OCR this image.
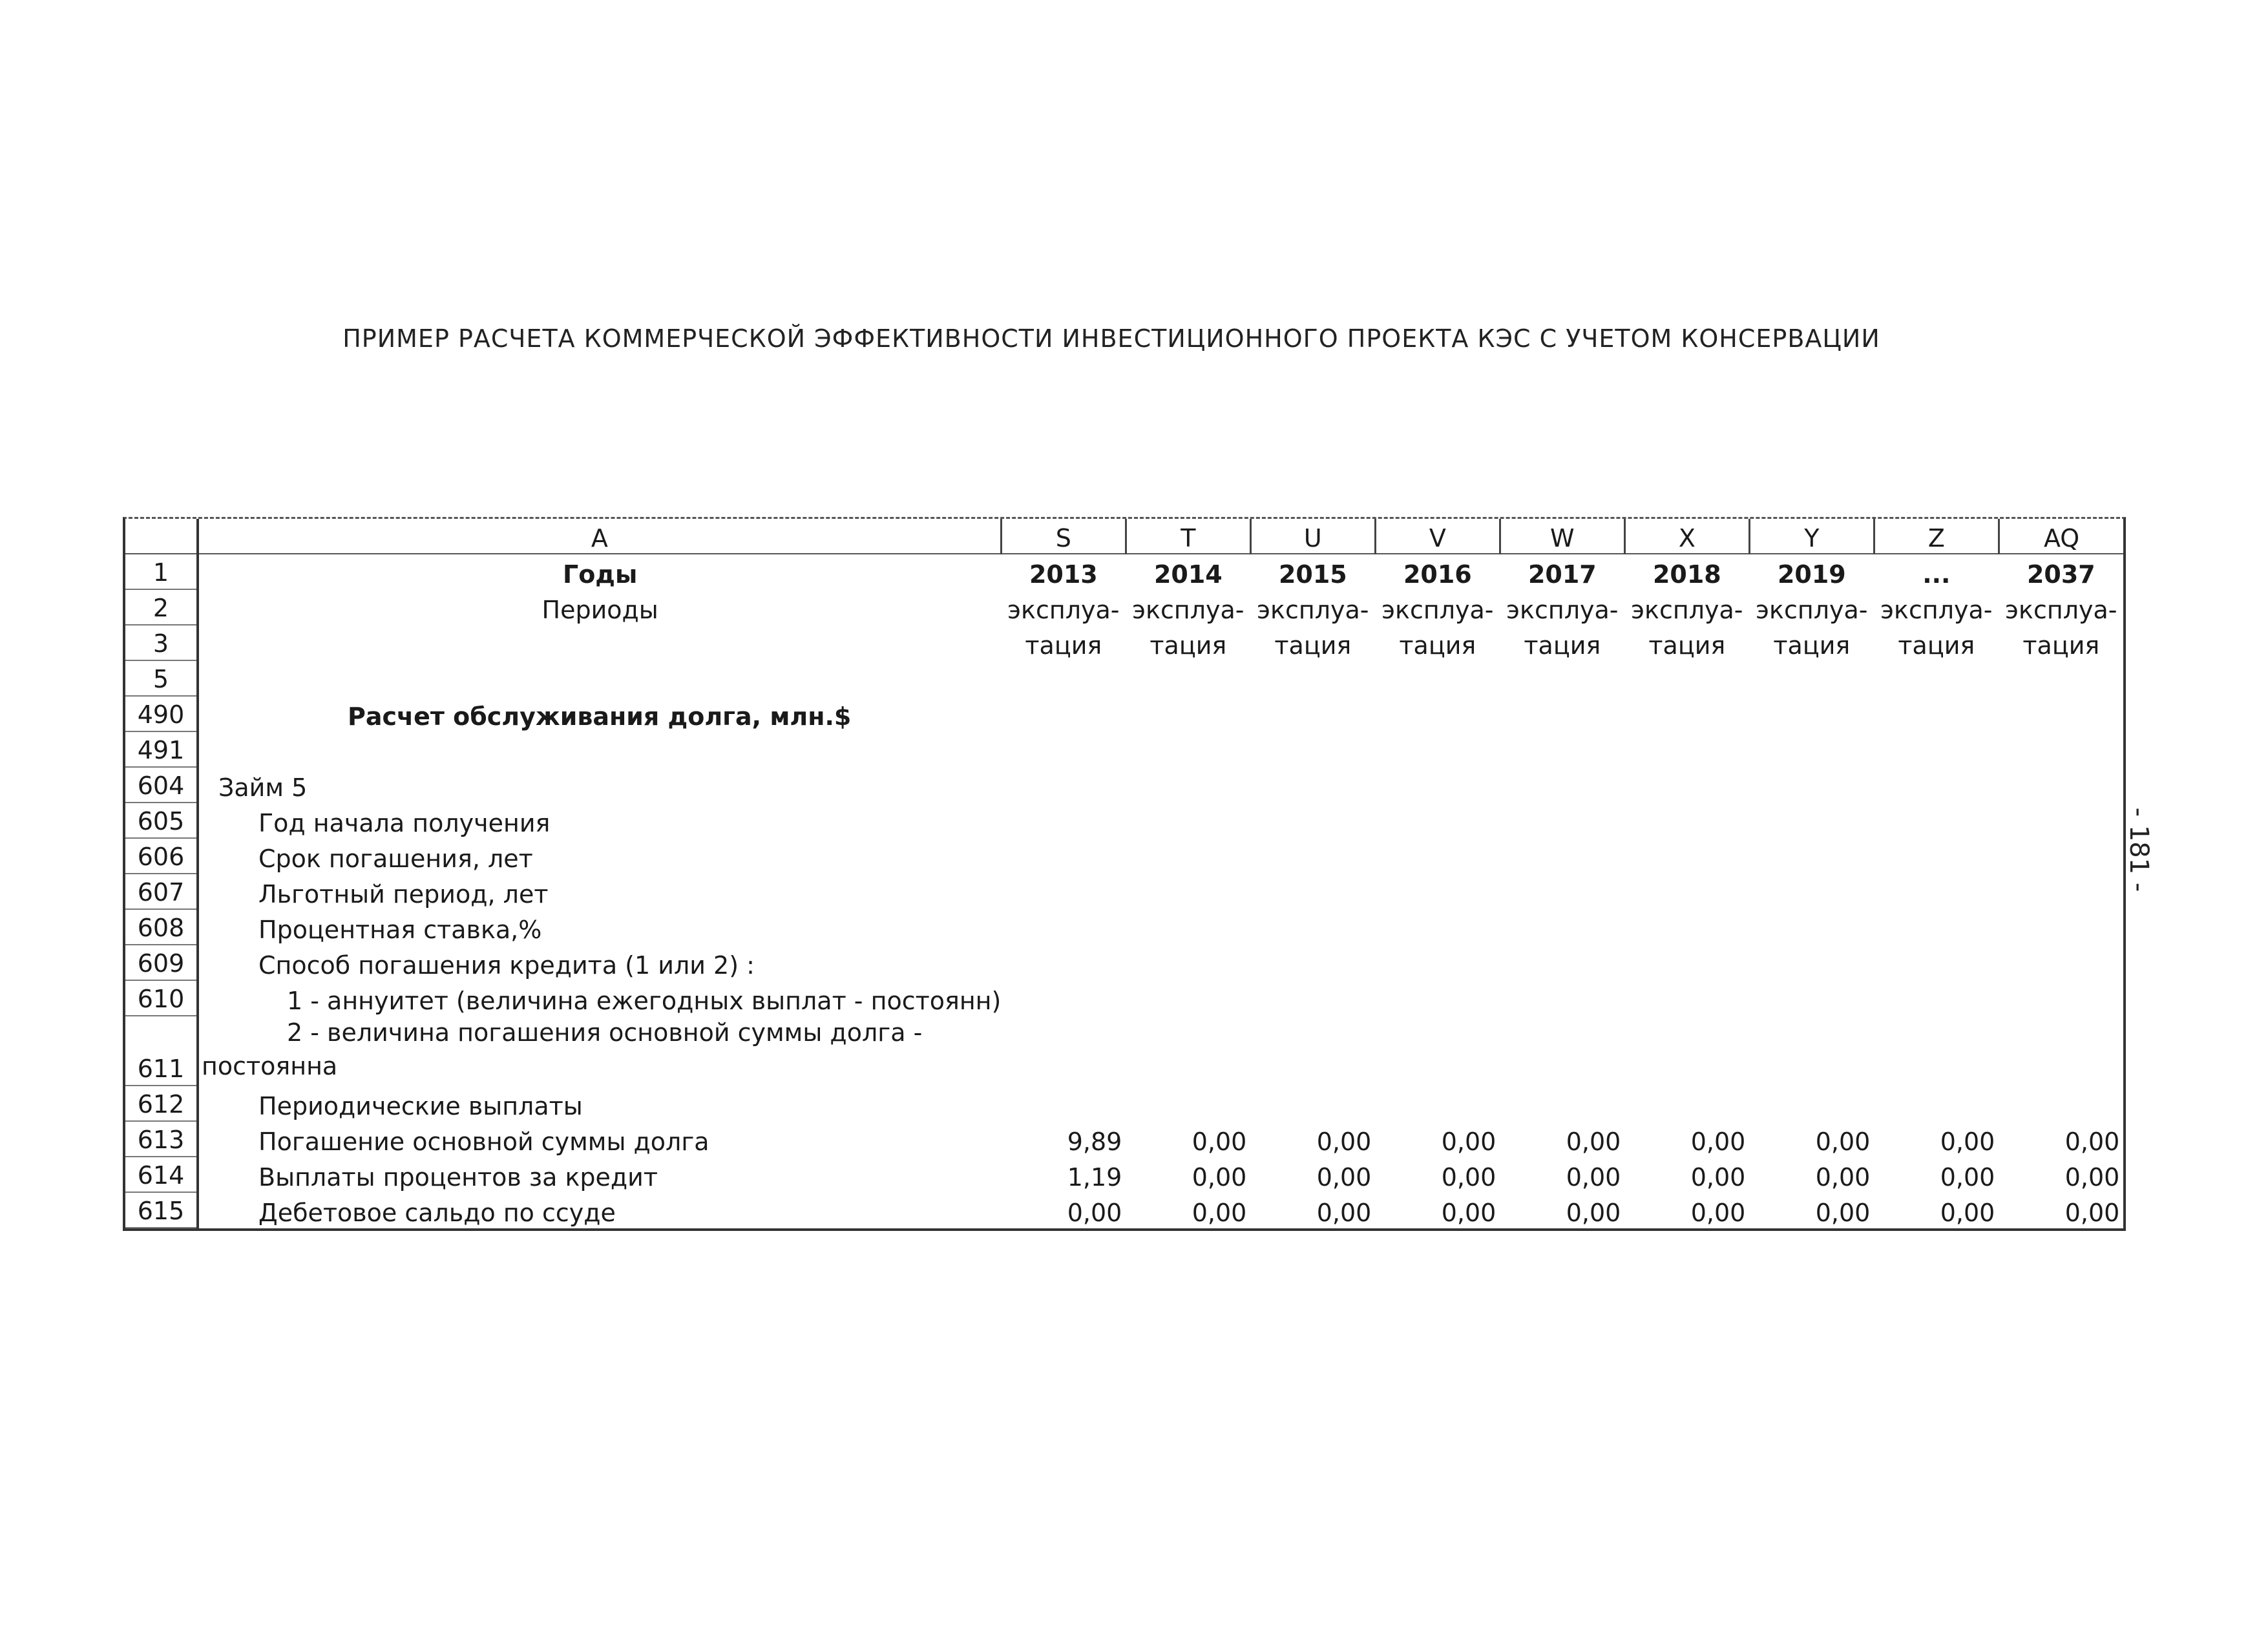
ПРИМЕР РАСЧЕТА КОММЕРЧЕСКОЙ ЭФФЕКТИВНОСТИ ИНВЕСТИЦИОННОГО ПРОЕКТА КЭС С УЧЕТОМ КОНСЕРВАЦИИ
- 181 -
	A	S	T	U	V	W	X	Y	Z	AQ
1	Годы	2013	2014	2015	2016	2017	2018	2019	...	2037
2	Периоды	эксплуа-	эксплуа-	эксплуа-	эксплуа-	эксплуа-	эксплуа-	эксплуа-	эксплуа-	эксплуа-
3		тация	тация	тация	тация	тация	тация	тация	тация	тация
5										
490	Расчет обслуживания долга, млн.$									
491										
604	Займ 5									
605	Год начала получения									
606	Срок погашения, лет									
607	Льготный период, лет									
608	Процентная ставка,%									
609	Способ погашения кредита (1 или 2) :									
610	1 - аннуитет (величина ежегодных выплат - постоянн)									
611	2 - величина погашения основной суммы долга -
постоянна									

612	Периодические выплаты									
613	Погашение основной суммы долга	9,89	0,00	0,00	0,00	0,00	0,00	0,00	0,00	0,00
614	Выплаты процентов за кредит	1,19	0,00	0,00	0,00	0,00	0,00	0,00	0,00	0,00
615	Дебетовое сальдо по ссуде	0,00	0,00	0,00	0,00	0,00	0,00	0,00	0,00	0,00
